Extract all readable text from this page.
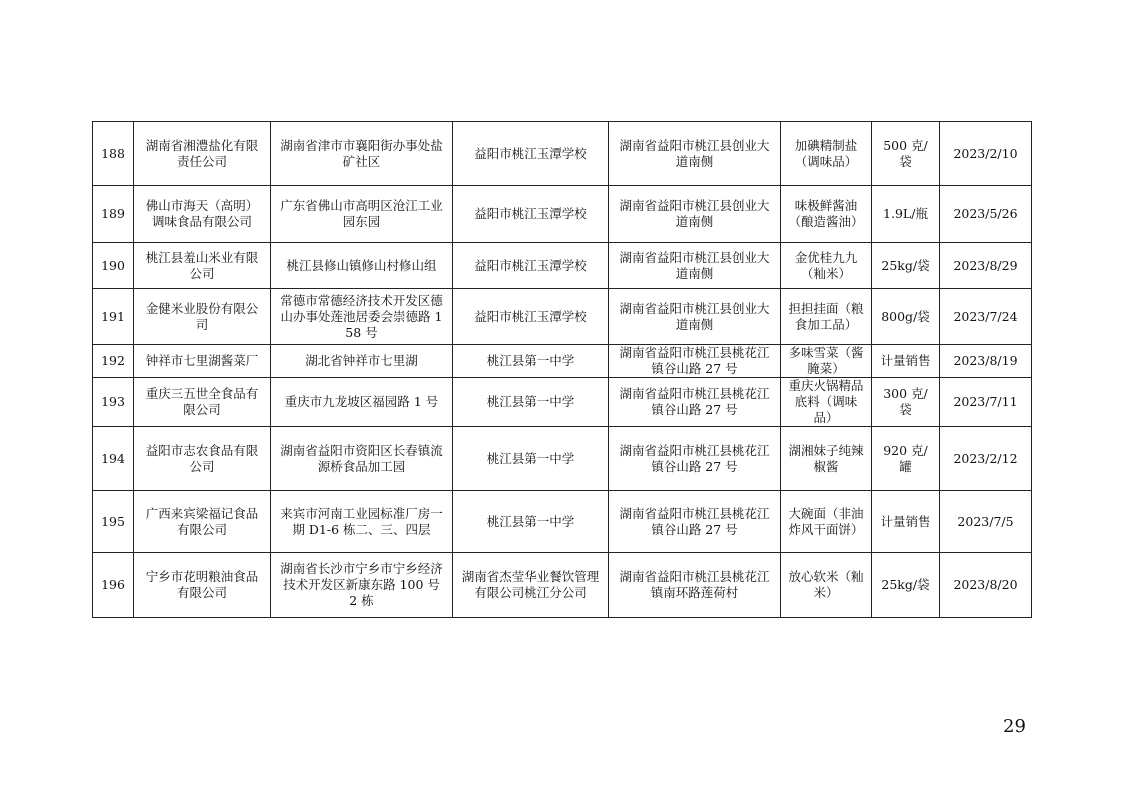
188	湖南省湘澧盐化有限责任公司	湖南省津市市襄阳街办事处盐矿社区	益阳市桃江玉潭学校	湖南省益阳市桃江县创业大道南侧	加碘精制盐（调味品）	500 克/袋	2023/2/10
189	佛山市海天（高明）调味食品有限公司	广东省佛山市高明区沧江工业园东园	益阳市桃江玉潭学校	湖南省益阳市桃江县创业大道南侧	味极鲜酱油（酿造酱油）	1.9L/瓶	2023/5/26
190	桃江县羞山米业有限公司	桃江县修山镇修山村修山组	益阳市桃江玉潭学校	湖南省益阳市桃江县创业大道南侧	金优桂九九（籼米）	25kg/袋	2023/8/29
191	金健米业股份有限公司	常德市常德经济技术开发区德山办事处莲池居委会崇德路 158 号	益阳市桃江玉潭学校	湖南省益阳市桃江县创业大道南侧	担担挂面（粮食加工品）	800g/袋	2023/7/24
192	钟祥市七里湖酱菜厂	湖北省钟祥市七里湖	桃江县第一中学	湖南省益阳市桃江县桃花江镇谷山路 27 号	多味雪菜（酱腌菜）	计量销售	2023/8/19
193	重庆三五世全食品有限公司	重庆市九龙坡区福园路 1 号	桃江县第一中学	湖南省益阳市桃江县桃花江镇谷山路 27 号	重庆火锅精品底料（调味品）	300 克/袋	2023/7/11
194	益阳市志农食品有限公司	湖南省益阳市资阳区长春镇流源桥食品加工园	桃江县第一中学	湖南省益阳市桃江县桃花江镇谷山路 27 号	湖湘妹子纯辣椒酱	920 克/罐	2023/2/12
195	广西来宾梁福记食品有限公司	来宾市河南工业园标准厂房一期 D1-6 栋二、三、四层	桃江县第一中学	湖南省益阳市桃江县桃花江镇谷山路 27 号	大碗面（非油炸风干面饼）	计量销售	2023/7/5
196	宁乡市花明粮油食品有限公司	湖南省长沙市宁乡市宁乡经济技术开发区新康东路 100 号 2 栋	湖南省杰莹华业餐饮管理有限公司桃江分公司	湖南省益阳市桃江县桃花江镇南环路莲荷村	放心软米（籼米）	25kg/袋	2023/8/20
29
